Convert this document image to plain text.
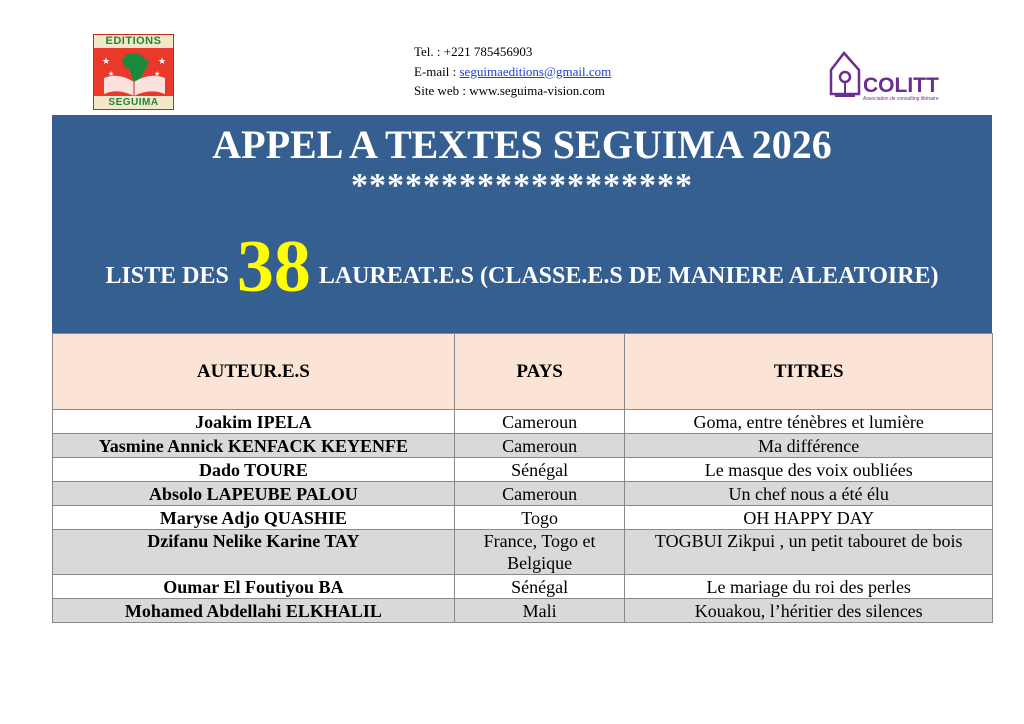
EDITIONS
★	★
★	★
SEGUIMA
Tel. : +221 785456903
E-mail : seguimaeditions@gmail.com
Site web : www.seguima-vision.com	COLITT
Association de consulting littéraire
APPEL A TEXTES SEGUIMA 2026
*******************
LISTE DES 38 LAUREAT.E.S (CLASSE.E.S DE MANIERE ALEATOIRE)
AUTEUR.E.S	PAYS	TITRES
Joakim IPELA	Cameroun	Goma, entre ténèbres et lumière
Yasmine Annick KENFACK KEYENFE	Cameroun	Ma différence
Dado TOURE	Sénégal	Le masque des voix oubliées
Absolo LAPEUBE PALOU	Cameroun	Un chef nous a été élu
Maryse Adjo QUASHIE	Togo	OH HAPPY DAY
Dzifanu Nelike Karine TAY	France, Togo et Belgique	TOGBUI Zikpui , un petit tabouret de bois
Oumar El Foutiyou BA	Sénégal	Le mariage du roi des perles
Mohamed Abdellahi ELKHALIL	Mali	Kouakou, l’héritier des silences
